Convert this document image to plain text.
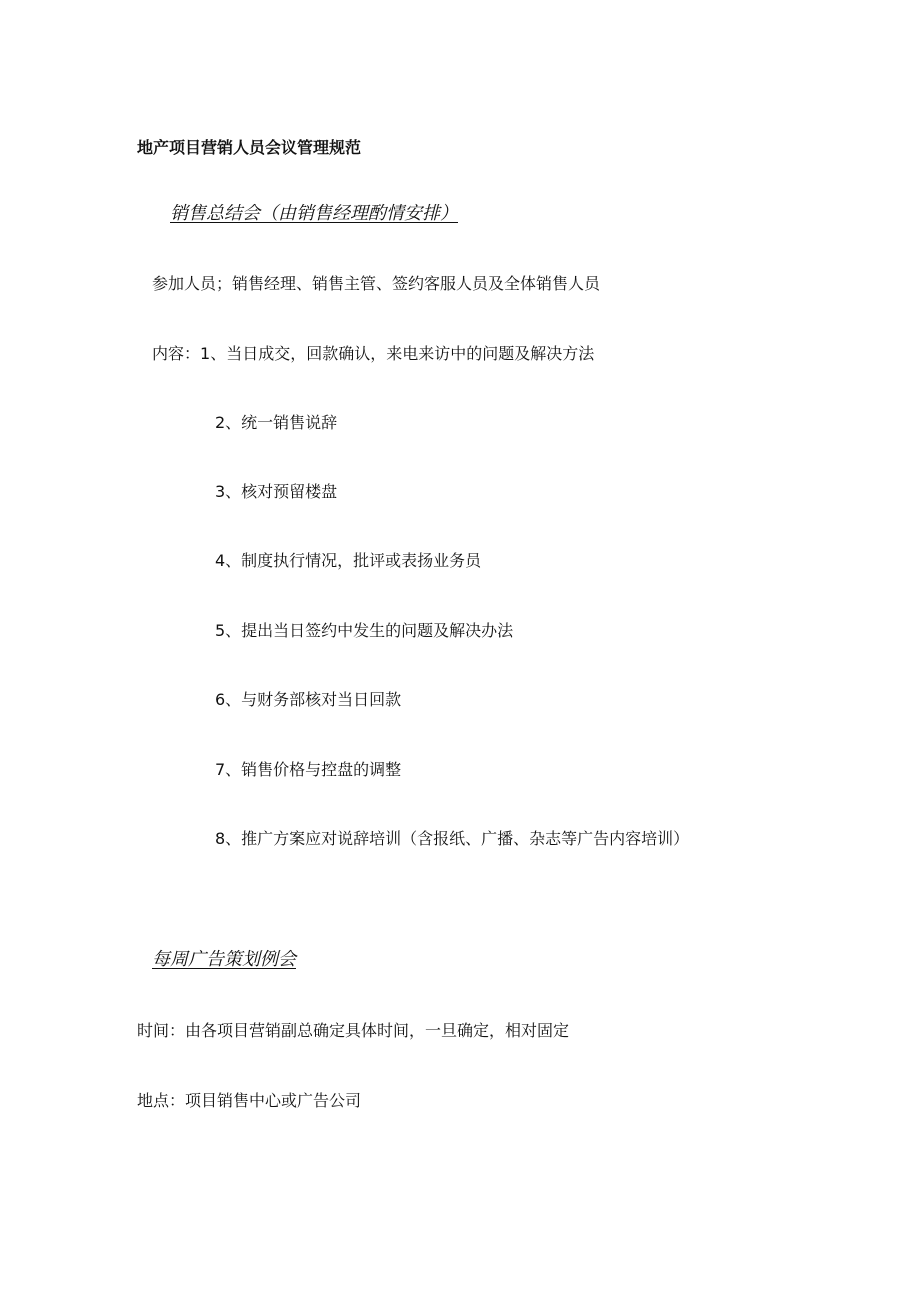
地产项目营销人员会议管理规范
销售总结会（由销售经理酌情安排）
参加人员；销售经理、销售主管、签约客服人员及全体销售人员
内容：1、当日成交，回款确认，来电来访中的问题及解决方法
2、统一销售说辞
3、核对预留楼盘
4、制度执行情况，批评或表扬业务员
5、提出当日签约中发生的问题及解决办法
6、与财务部核对当日回款
7、销售价格与控盘的调整
8、推广方案应对说辞培训（含报纸、广播、杂志等广告内容培训）
每周广告策划例会
时间：由各项目营销副总确定具体时间，一旦确定，相对固定
地点：项目销售中心或广告公司
